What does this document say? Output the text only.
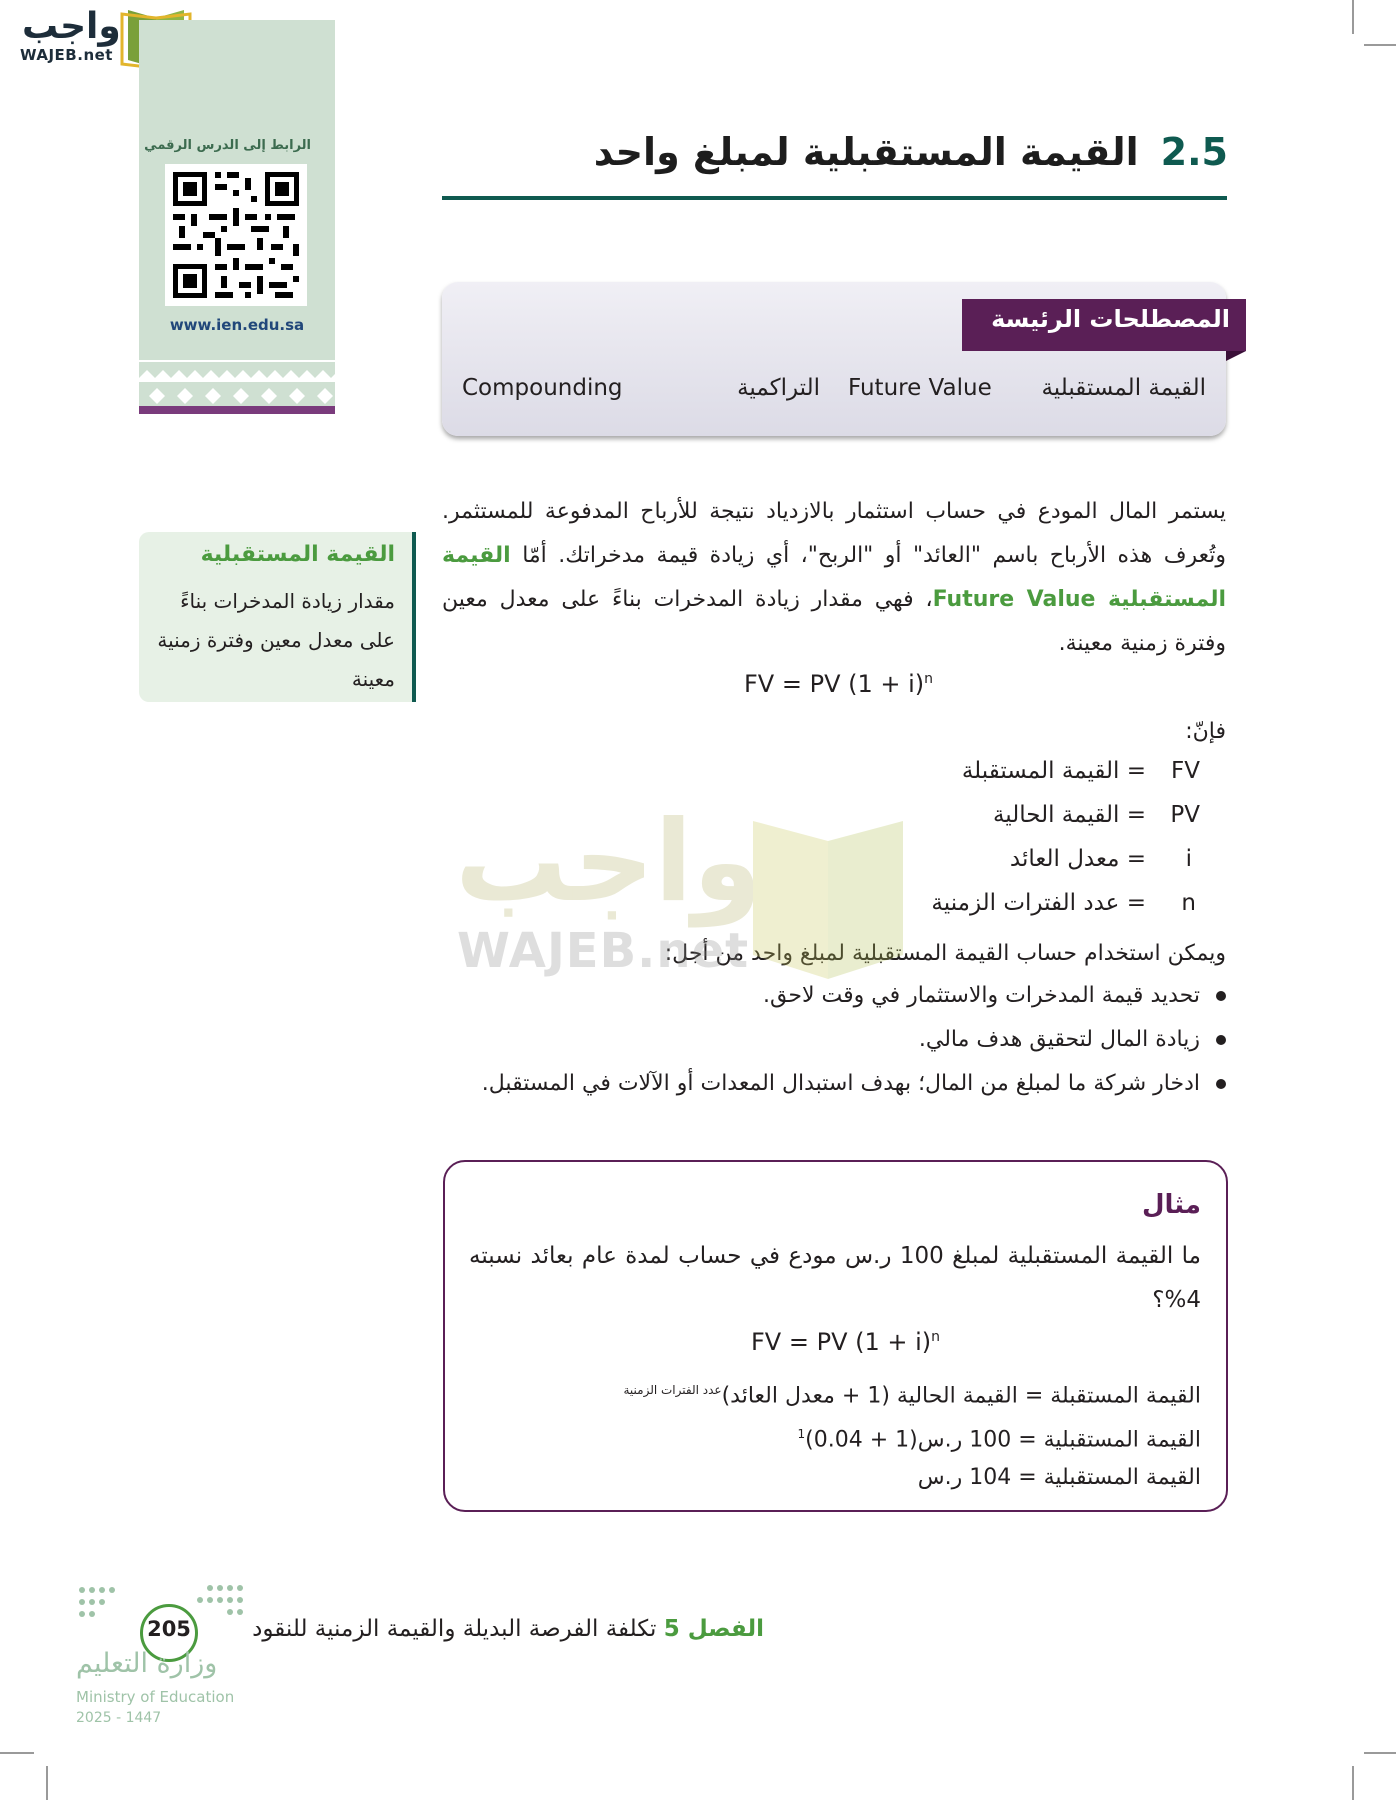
واجب
WAJEB.net
الرابط إلى الدرس الرقمي
www.ien.edu.sa
2.5القيمة المستقبلية لمبلغ واحد
المصطلحات الرئيسة
القيمة المستقبلية
Future Value
التراكمية
Compounding
القيمة المستقبلية
مقدار زيادة المدخرات بناءً على معدل معين وفترة زمنية معينة
يستمر المال المودع في حساب استثمار بالازدياد نتيجة للأرباح المدفوعة للمستثمر. وتُعرف هذه الأرباح باسم "العائد" أو "الربح"، أي زيادة قيمة مدخراتك. أمّا القيمة المستقبلية Future Value، فهي مقدار زيادة المدخرات بناءً على معدل معين وفترة زمنية معينة.
FV = PV $(1 + i)^n$
فإنّ:
FV
= القيمة المستقبلة
PV
= القيمة الحالية
i
= معدل العائد
n
= عدد الفترات الزمنية
ويمكن استخدام حساب القيمة المستقبلية لمبلغ واحد من أجل:
تحديد قيمة المدخرات والاستثمار في وقت لاحق.
زيادة المال لتحقيق هدف مالي.
ادخار شركة ما لمبلغ من المال؛ بهدف استبدال المعدات أو الآلات في المستقبل.
مثال
ما القيمة المستقبلية لمبلغ 100 ر.س مودع في حساب لمدة عام بعائد نسبته 4%؟
FV = PV $(1 + i)^n$
القيمة المستقبلة = القيمة الحالية (1 + معدل العائد)$^{عدد الفترات الزمنية}$
القيمة المستقبلية = 100 ر.س(1 + 0.04)$^1$
القيمة المستقبلية = 104 ر.س
واجب
WAJEB.net
205	الفصل 5 تكلفة الفرصة البديلة والقيمة الزمنية للنقود
وزارة التعليم
Ministry of Education
2025 - 1447
